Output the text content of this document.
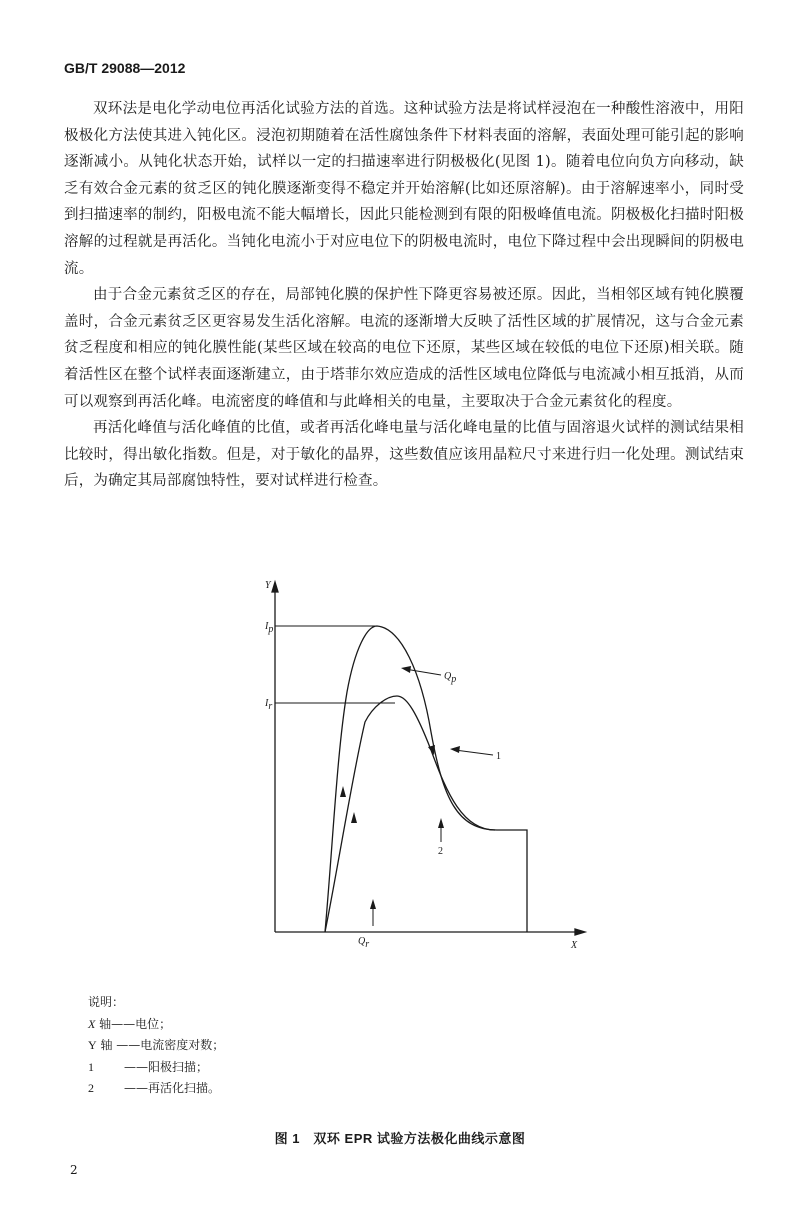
GB/T 29088—2012

双环法是电化学动电位再活化试验方法的首选。这种试验方法是将试样浸泡在一种酸性溶液中，用阳极极化方法使其进入钝化区。浸泡初期随着在活性腐蚀条件下材料表面的溶解，表面处理可能引起的影响逐渐减小。从钝化状态开始，试样以一定的扫描速率进行阴极极化(见图 1)。随着电位向负方向移动，缺乏有效合金元素的贫乏区的钝化膜逐渐变得不稳定并开始溶解(比如还原溶解)。由于溶解速率小，同时受到扫描速率的制约，阳极电流不能大幅增长，因此只能检测到有限的阳极峰值电流。阴极极化扫描时阳极溶解的过程就是再活化。当钝化电流小于对应电位下的阴极电流时，电位下降过程中会出现瞬间的阴极电流。

由于合金元素贫乏区的存在，局部钝化膜的保护性下降更容易被还原。因此，当相邻区域有钝化膜覆盖时，合金元素贫乏区更容易发生活化溶解。电流的逐渐增大反映了活性区域的扩展情况，这与合金元素贫乏程度和相应的钝化膜性能(某些区域在较高的电位下还原，某些区域在较低的电位下还原)相关联。随着活性区在整个试样表面逐渐建立，由于塔菲尔效应造成的活性区域电位降低与电流减小相互抵消，从而可以观察到再活化峰。电流密度的峰值和与此峰相关的电量，主要取决于合金元素贫化的程度。

再活化峰值与活化峰值的比值，或者再活化峰电量与活化峰电量的比值与固溶退火试样的测试结果相比较时，得出敏化指数。但是，对于敏化的晶界，这些数值应该用晶粒尺寸来进行归一化处理。测试结束后，为确定其局部腐蚀特性，要对试样进行检查。

Y
X
Ip
Ir
Qp
Qr
1
2
说明：
X 轴——电位；
Y 轴 ——电流密度对数；
1	——阳极扫描；
2	——再活化扫描。
图 1　双环 EPR 试验方法极化曲线示意图
2
